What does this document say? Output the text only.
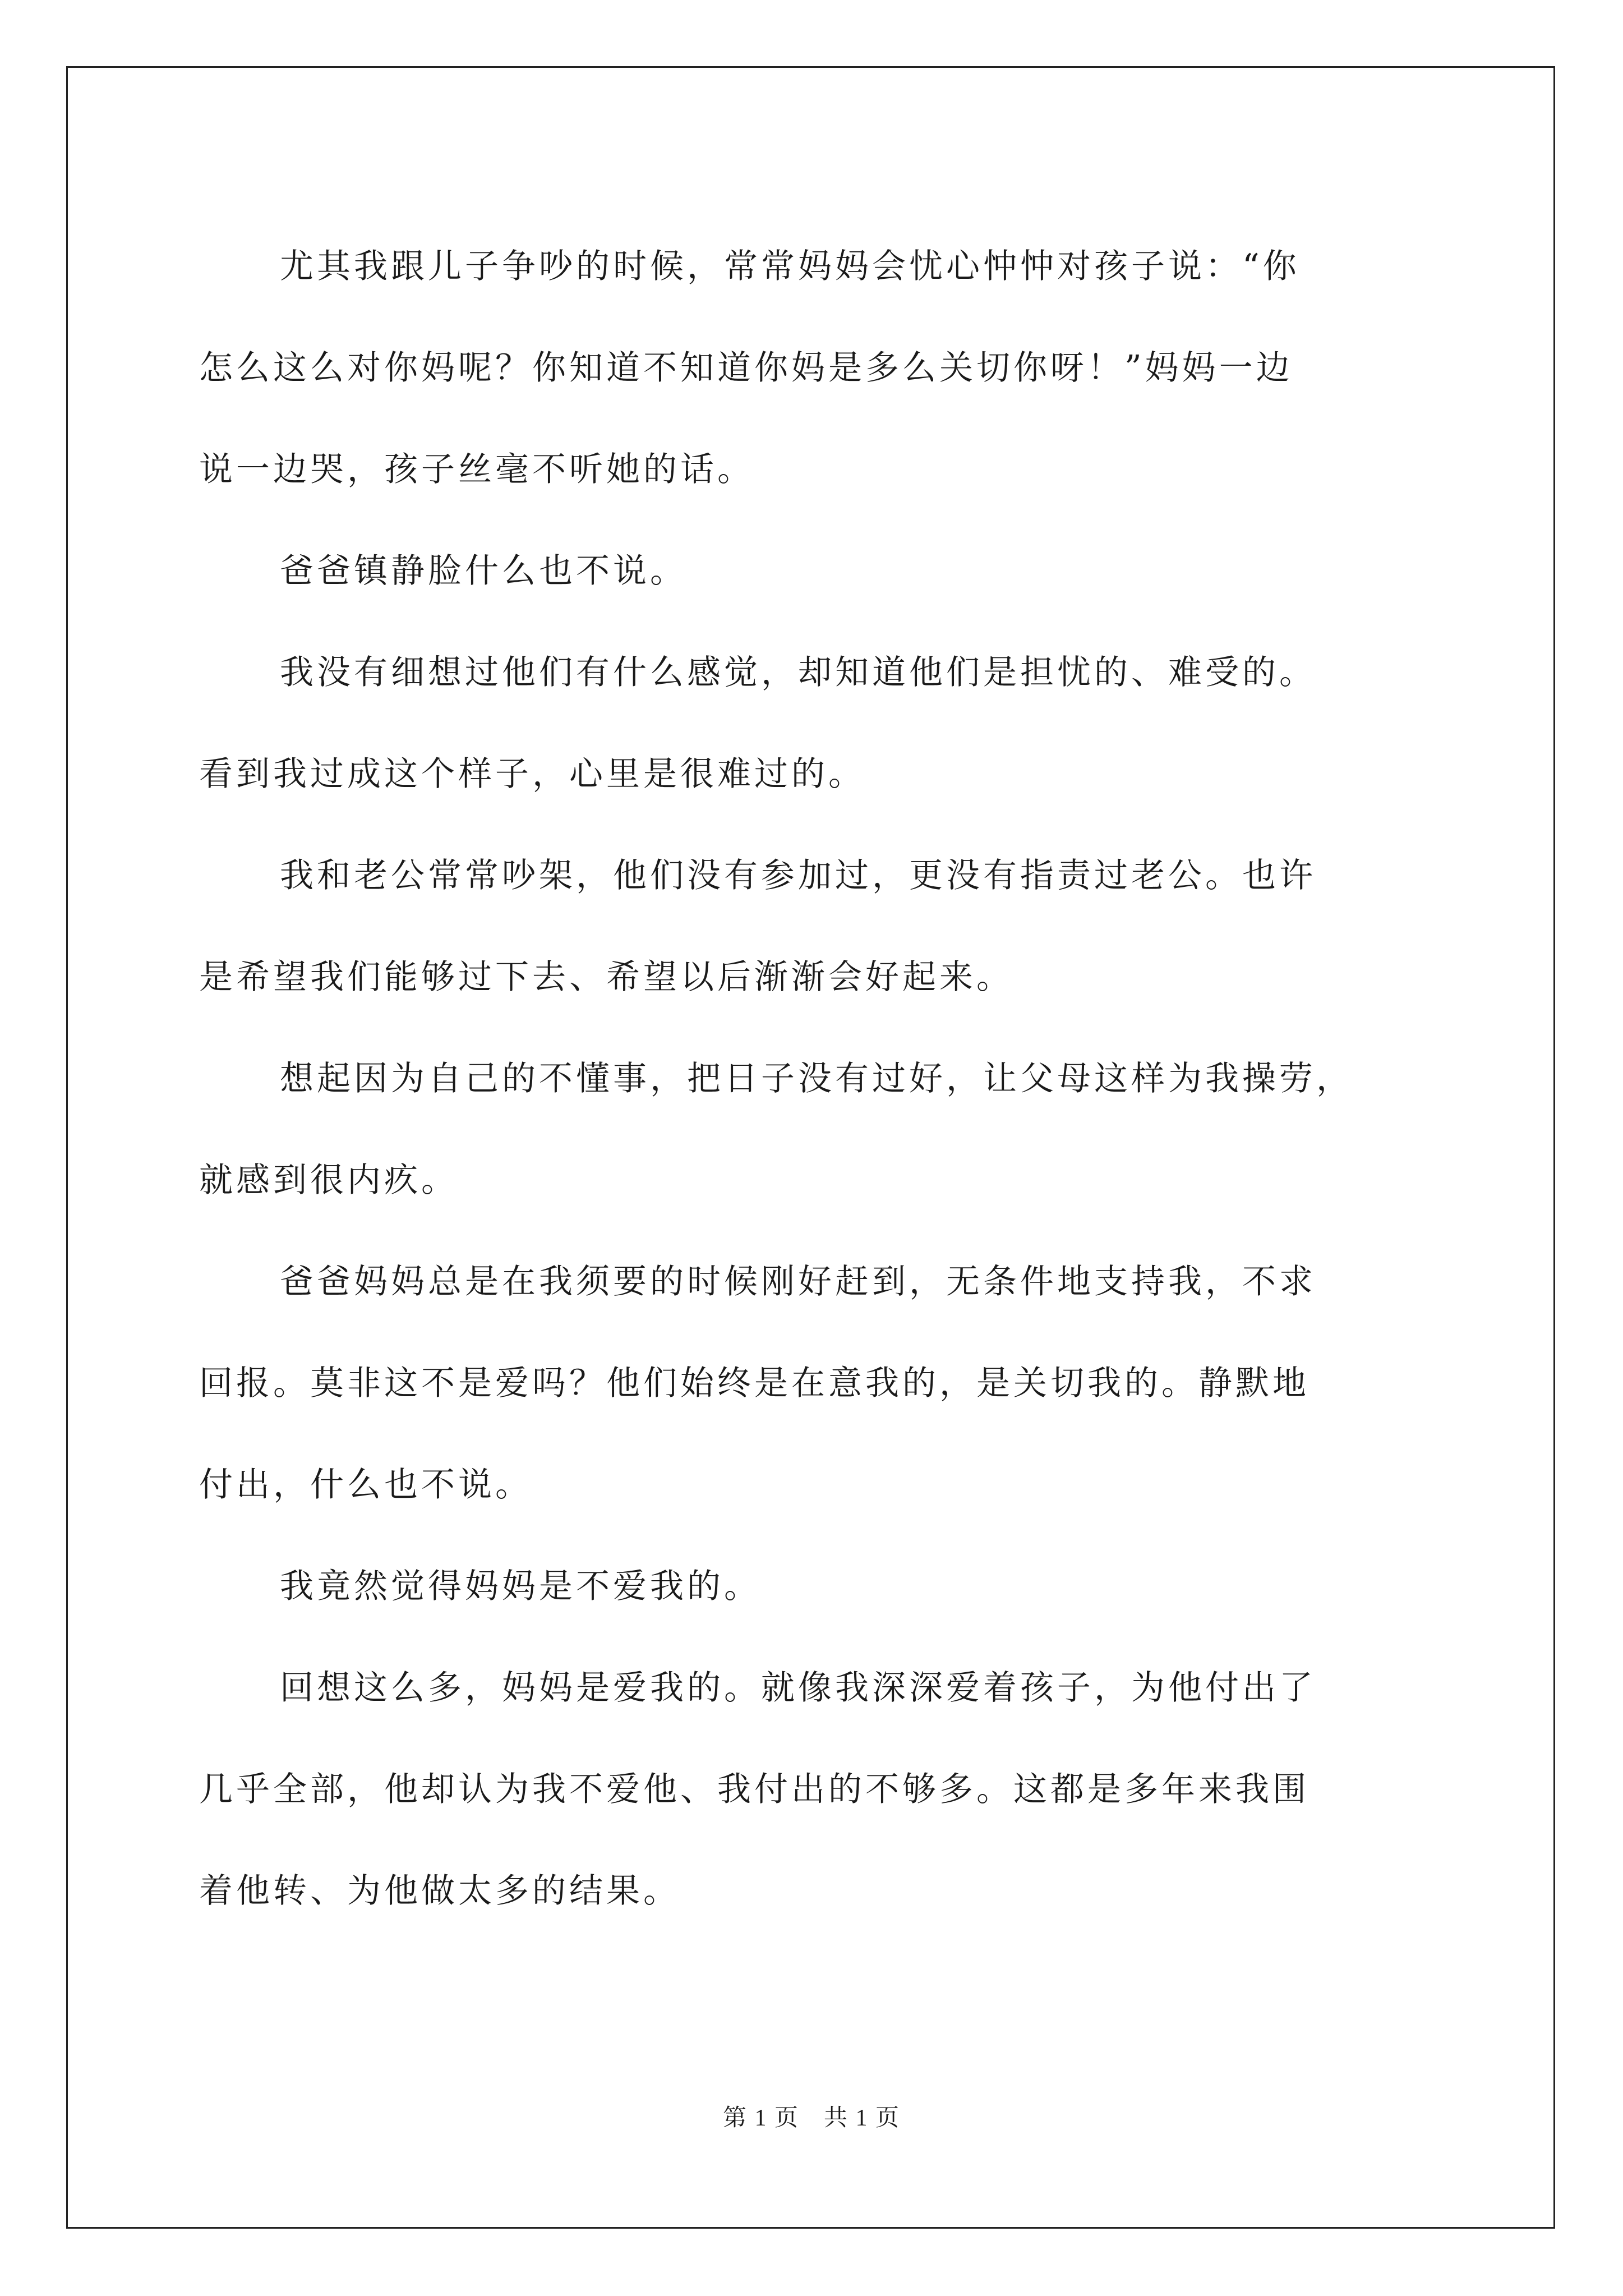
尤其我跟儿子争吵的时候，常常妈妈会忧心忡忡对孩子说：“你
怎么这么对你妈呢？你知道不知道你妈是多么关切你呀！”妈妈一边
说一边哭，孩子丝毫不听她的话。

爸爸镇静脸什么也不说。

我没有细想过他们有什么感觉，却知道他们是担忧的、难受的。
看到我过成这个样子，心里是很难过的。

我和老公常常吵架，他们没有参加过，更没有指责过老公。也许
是希望我们能够过下去、希望以后渐渐会好起来。

想起因为自己的不懂事，把日子没有过好，让父母这样为我操劳，
就感到很内疚。

爸爸妈妈总是在我须要的时候刚好赶到，无条件地支持我，不求
回报。莫非这不是爱吗？他们始终是在意我的，是关切我的。静默地
付出，什么也不说。

我竟然觉得妈妈是不爱我的。

回想这么多，妈妈是爱我的。就像我深深爱着孩子，为他付出了
几乎全部，他却认为我不爱他、我付出的不够多。这都是多年来我围
着他转、为他做太多的结果。

第 1 页 共 1 页
